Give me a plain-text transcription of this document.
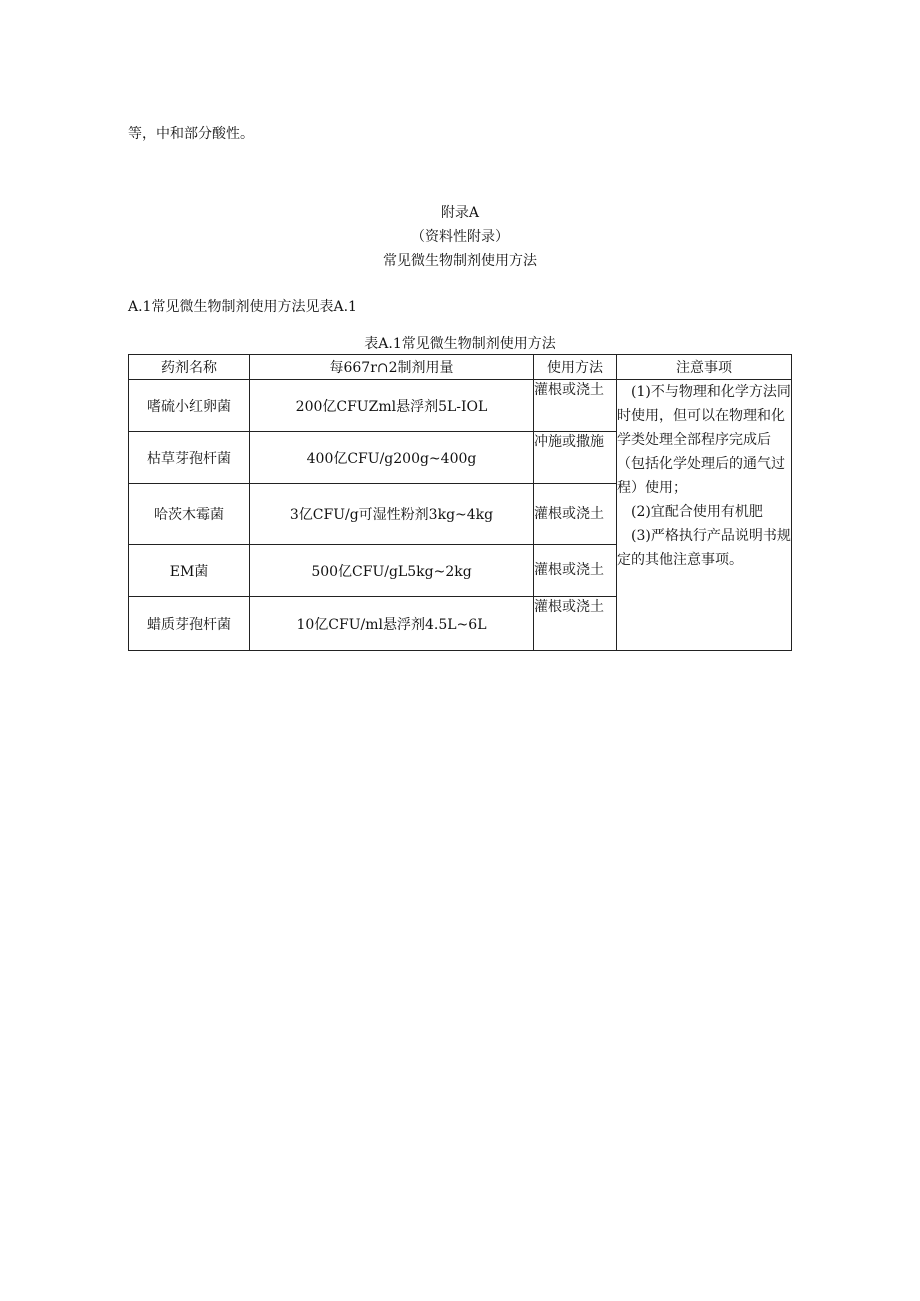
等，中和部分酸性。
附录A
（资料性附录）
常见微生物制剂使用方法
A.1常见微生物制剂使用方法见表A.1
表A.1常见微生物制剂使用方法
药剂名称	每667r∩2制剂用量	使用方法	注意事项
嗜硫小红卵菌	200亿CFUZml悬浮剂5L-IOL	灌根或浇土	(1)不与物理和化学方法同时使用，但可以在物理和化学类处理全部程序完成后（包括化学处理后的通气过程）使用；
(2)宜配合使用有机肥
(3)严格执行产品说明书规定的其他注意事项。

枯草芽孢杆菌	400亿CFU/g200g~400g	冲施或撒施	
哈茨木霉菌	3亿CFU/g可湿性粉剂3kg~4kg	灌根或浇土	
EM菌	500亿CFU/gL5kg~2kg	灌根或浇土	
蜡质芽孢杆菌	10亿CFU/ml悬浮剂4.5L~6L	灌根或浇土	
